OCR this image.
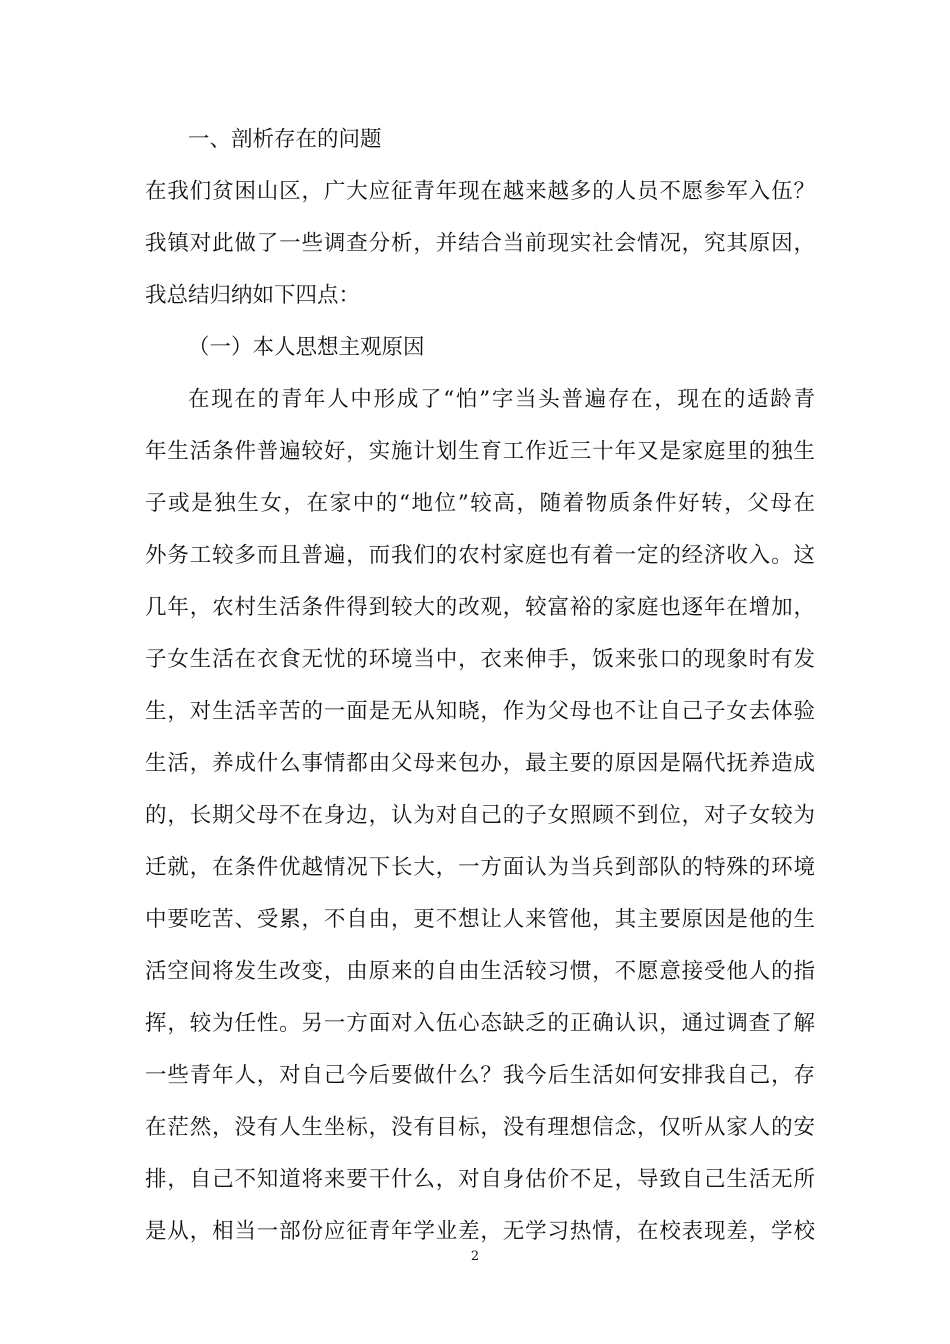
一、剖析存在的问题
在我们贫困山区，广大应征青年现在越来越多的人员不愿参军入伍？
我镇对此做了一些调查分析，并结合当前现实社会情况，究其原因，
我总结归纳如下四点：
（一）本人思想主观原因
在现在的青年人中形成了“怕”字当头普遍存在，现在的适龄青
年生活条件普遍较好，实施计划生育工作近三十年又是家庭里的独生
子或是独生女，在家中的“地位”较高，随着物质条件好转，父母在
外务工较多而且普遍，而我们的农村家庭也有着一定的经济收入。这
几年，农村生活条件得到较大的改观，较富裕的家庭也逐年在增加，
子女生活在衣食无忧的环境当中，衣来伸手，饭来张口的现象时有发
生，对生活辛苦的一面是无从知晓，作为父母也不让自己子女去体验
生活，养成什么事情都由父母来包办，最主要的原因是隔代抚养造成
的，长期父母不在身边，认为对自己的子女照顾不到位，对子女较为
迁就，在条件优越情况下长大，一方面认为当兵到部队的特殊的环境
中要吃苦、受累，不自由，更不想让人来管他，其主要原因是他的生
活空间将发生改变，由原来的自由生活较习惯，不愿意接受他人的指
挥，较为任性。另一方面对入伍心态缺乏的正确认识，通过调查了解
一些青年人，对自己今后要做什么？我今后生活如何安排我自己，存
在茫然，没有人生坐标，没有目标，没有理想信念，仅听从家人的安
排，自己不知道将来要干什么，对自身估价不足，导致自己生活无所
是从，相当一部份应征青年学业差，无学习热情，在校表现差，学校
2
